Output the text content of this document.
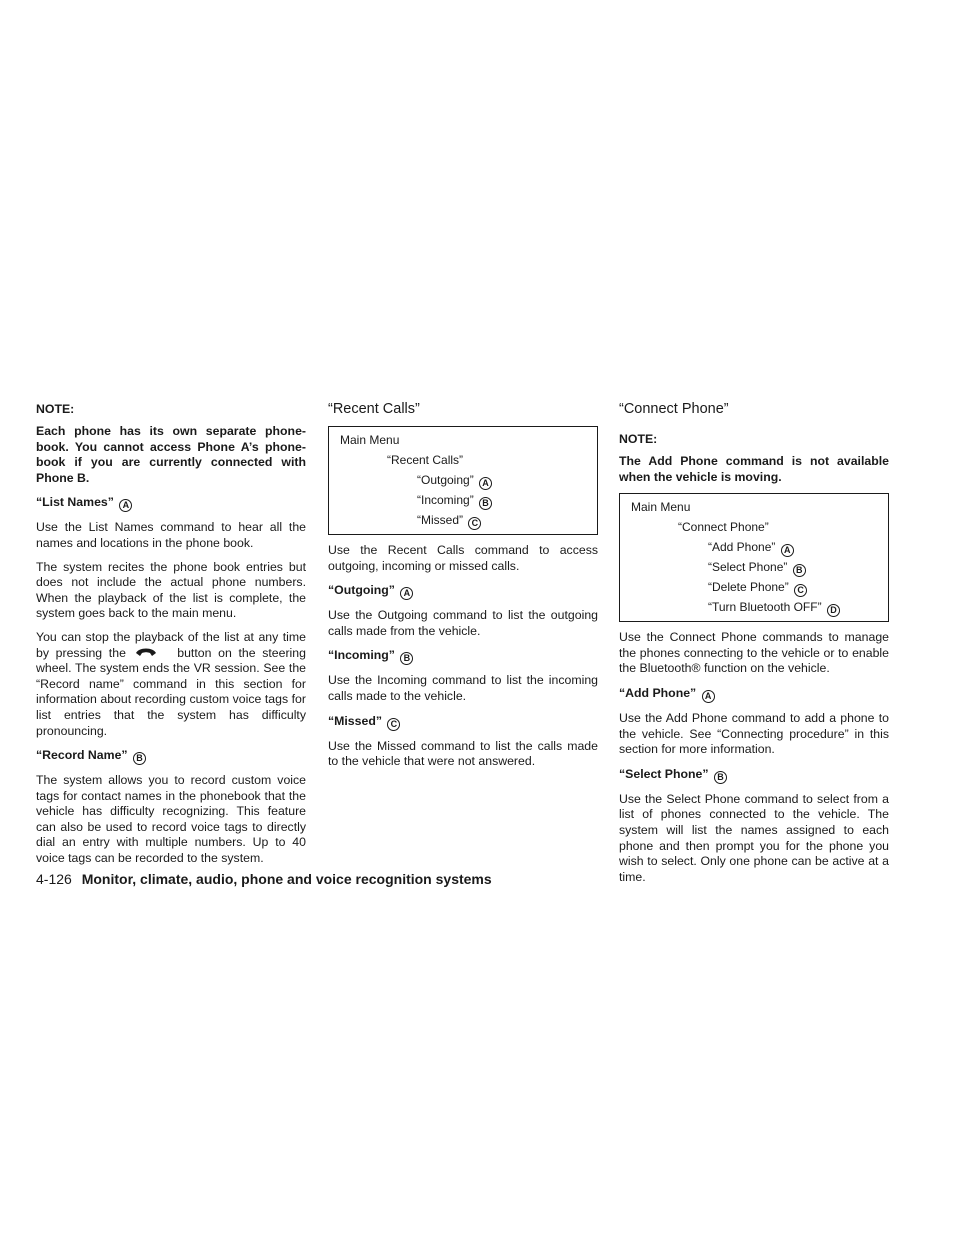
NOTE:

Each phone has its own separate phone-book. You cannot access Phone A’s phone-book if you are currently connected with Phone B.

“List Names” A

Use the List Names command to hear all the names and locations in the phone book.

The system recites the phone book entries but does not include the actual phone numbers. When the playback of the list is complete, the system goes back to the main menu.

You can stop the playback of the list at any time by pressing the	button on the steering wheel. The system ends the VR session. See the “Record name” command in this section for information about recording custom voice tags for list entries that the system has difficulty pronouncing.

“Record Name” B

The system allows you to record custom voice tags for contact names in the phonebook that the vehicle has difficulty recognizing. This feature can also be used to record voice tags to directly dial an entry with multiple numbers. Up to 40 voice tags can be recorded to the system.

“Recent Calls”
Main Menu
“Recent Calls”
“Outgoing” A
“Incoming” B
“Missed” C

Use the Recent Calls command to access outgoing, incoming or missed calls.

“Outgoing” A

Use the Outgoing command to list the outgoing calls made from the vehicle.

“Incoming” B

Use the Incoming command to list the incoming calls made to the vehicle.

“Missed” C

Use the Missed command to list the calls made to the vehicle that were not answered.

“Connect Phone”
NOTE:

The Add Phone command is not available when the vehicle is moving.

Main Menu
“Connect Phone”
“Add Phone” A
“Select Phone” B
“Delete Phone” C
“Turn Bluetooth OFF” D

Use the Connect Phone commands to manage the phones connecting to the vehicle or to enable the Bluetooth® function on the vehicle.

“Add Phone” A

Use the Add Phone command to add a phone to the vehicle. See “Connecting procedure” in this section for more information.

“Select Phone” B

Use the Select Phone command to select from a list of phones connected to the vehicle. The system will list the names assigned to each phone and then prompt you for the phone you wish to select. Only one phone can be active at a time.

4-126 Monitor, climate, audio, phone and voice recognition systems
